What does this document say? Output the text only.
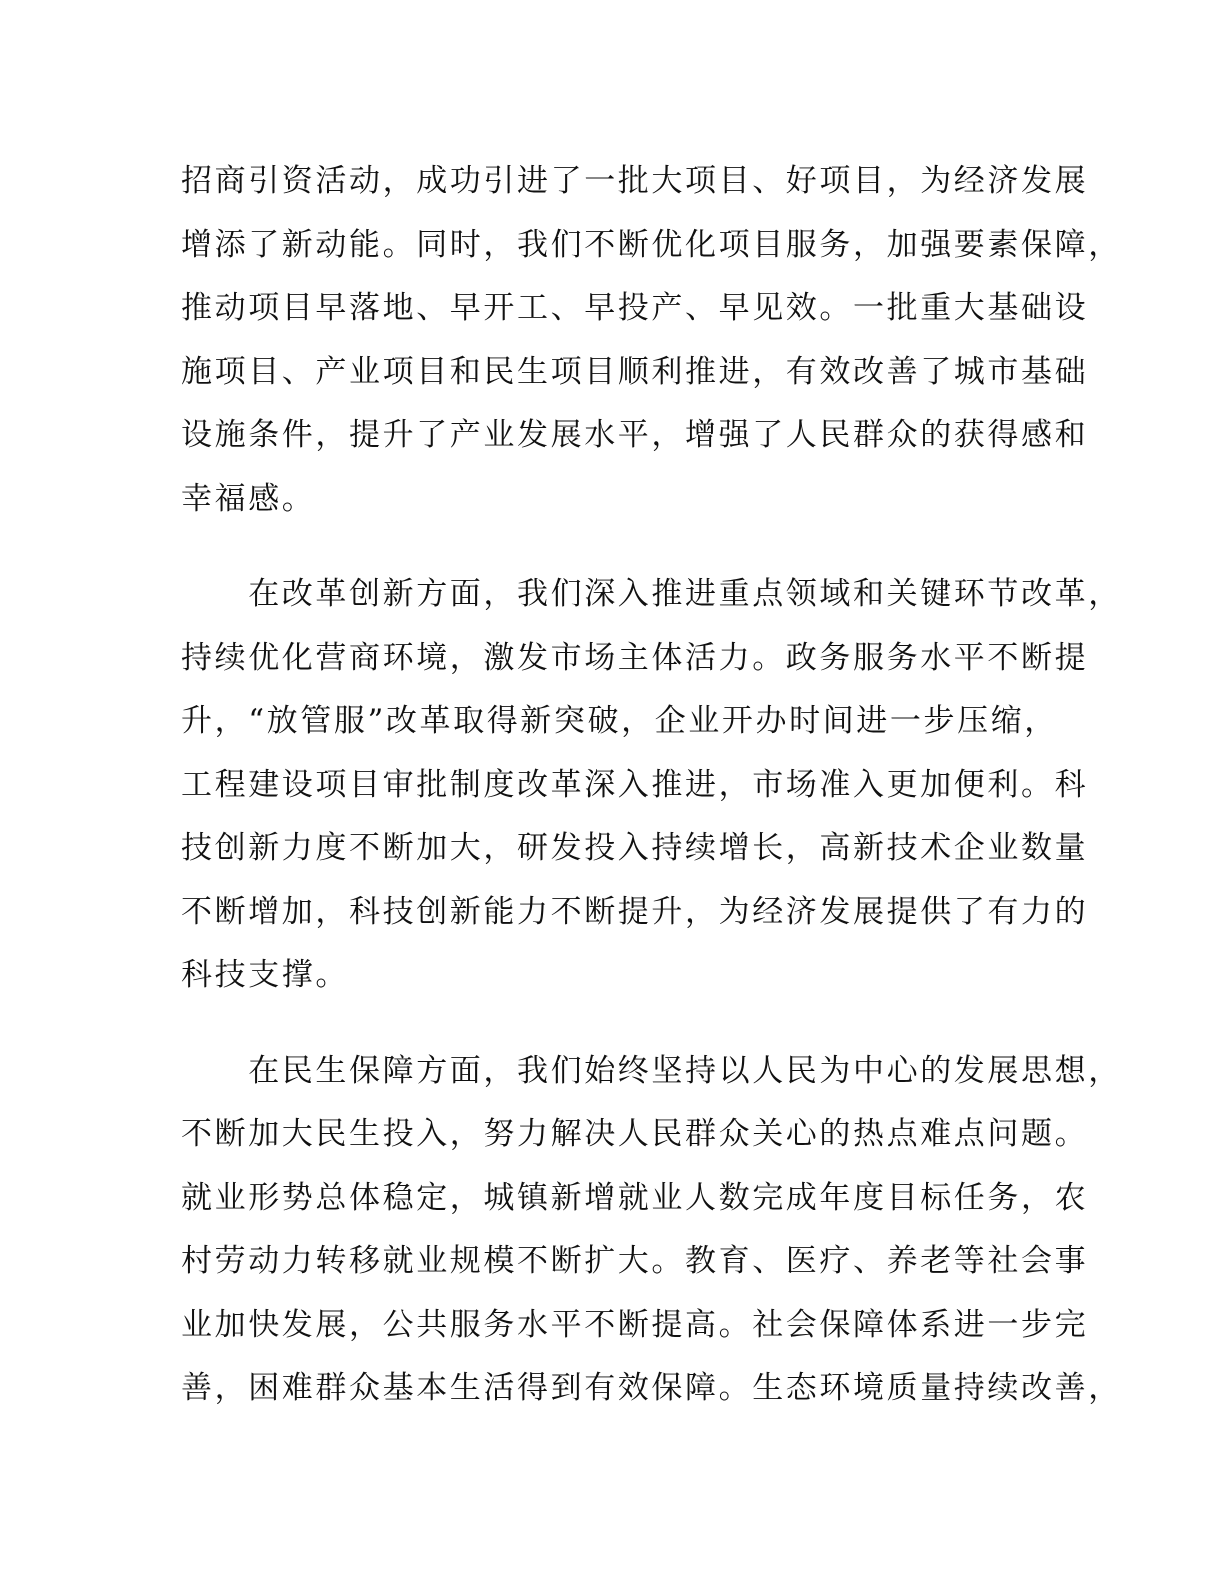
招商引资活动，成功引进了一批大项目、好项目，为经济发展
增添了新动能。同时，我们不断优化项目服务，加强要素保障，
推动项目早落地、早开工、早投产、早见效。一批重大基础设
施项目、产业项目和民生项目顺利推进，有效改善了城市基础
设施条件，提升了产业发展水平，增强了人民群众的获得感和
幸福感。

　　在改革创新方面，我们深入推进重点领域和关键环节改革，
持续优化营商环境，激发市场主体活力。政务服务水平不断提
升，“放管服”改革取得新突破，企业开办时间进一步压缩，
工程建设项目审批制度改革深入推进，市场准入更加便利。科
技创新力度不断加大，研发投入持续增长，高新技术企业数量
不断增加，科技创新能力不断提升，为经济发展提供了有力的
科技支撑。

　　在民生保障方面，我们始终坚持以人民为中心的发展思想，
不断加大民生投入，努力解决人民群众关心的热点难点问题。
就业形势总体稳定，城镇新增就业人数完成年度目标任务，农
村劳动力转移就业规模不断扩大。教育、医疗、养老等社会事
业加快发展，公共服务水平不断提高。社会保障体系进一步完
善，困难群众基本生活得到有效保障。生态环境质量持续改善，
